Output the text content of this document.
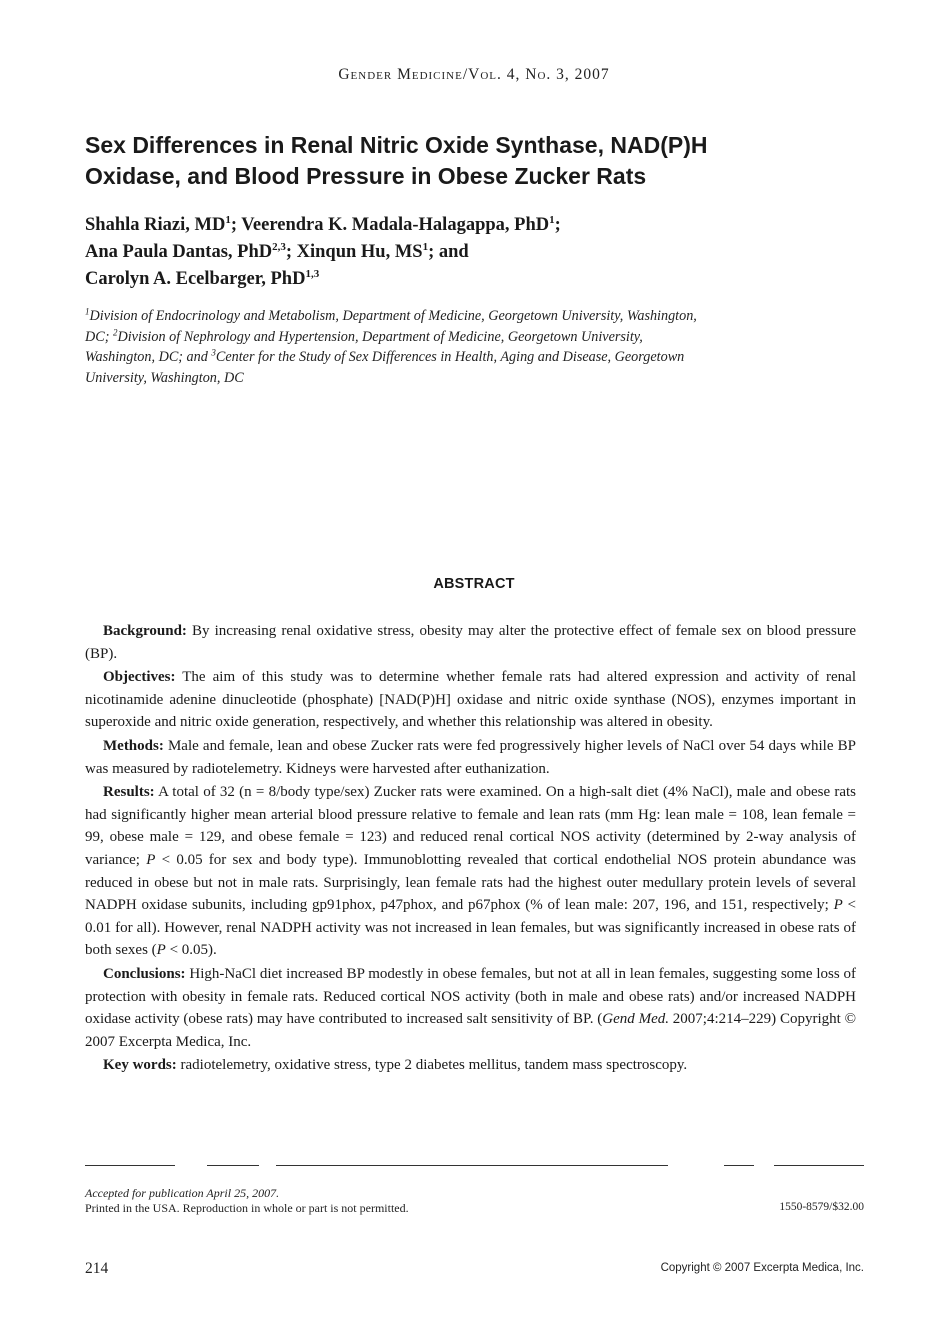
Gender Medicine/Vol. 4, No. 3, 2007
Sex Differences in Renal Nitric Oxide Synthase, NAD(P)H
Oxidase, and Blood Pressure in Obese Zucker Rats
Shahla Riazi, $MD^1$; Veerendra K. Madala-Halagappa, PhD$^1$;
Ana Paula Dantas, PhD$^{2,3}$; Xinqun Hu, $MS^1$; and
Carolyn A. Ecelbarger, PhD$^{1,3}$
$^1$Division of Endocrinology and Metabolism, Department of Medicine, Georgetown University, Washington,
DC; $^2$Division of Nephrology and Hypertension, Department of Medicine, Georgetown University,
Washington, DC; and $^3$Center for the Study of Sex Differences in Health, Aging and Disease, Georgetown
University, Washington, DC
ABSTRACT

Background: By increasing renal oxidative stress, obesity may alter the protective effect of female sex on blood pressure (BP).

Objectives: The aim of this study was to determine whether female rats had altered expression and activity of renal nicotinamide adenine dinucleotide (phosphate) [NAD(P)H] oxidase and nitric oxide synthase (NOS), enzymes important in superoxide and nitric oxide generation, respectively, and whether this relationship was altered in obesity.

Methods: Male and female, lean and obese Zucker rats were fed progressively higher levels of NaCl over 54 days while BP was measured by radiotelemetry. Kidneys were harvested after euthanization.

Results: A total of 32 (n = 8/body type/sex) Zucker rats were examined. On a high-salt diet (4% NaCl), male and obese rats had significantly higher mean arterial blood pressure relative to female and lean rats (mm Hg: lean male = 108, lean female = 99, obese male = 129, and obese female = 123) and reduced renal cortical NOS activity (determined by 2-way analysis of variance; P < 0.05 for sex and body type). Immunoblotting revealed that cortical endothelial NOS protein abundance was reduced in obese but not in male rats. Surprisingly, lean female rats had the highest outer medullary protein levels of several NADPH oxidase subunits, including gp91phox, p47phox, and p67phox (% of lean male: 207, 196, and 151, respectively; P < 0.01 for all). However, renal NADPH activity was not increased in lean females, but was significantly increased in obese rats of both sexes (P < 0.05).

Conclusions: High-NaCl diet increased BP modestly in obese females, but not at all in lean females, suggesting some loss of protection with obesity in female rats. Reduced cortical NOS activity (both in male and obese rats) and/or increased NADPH oxidase activity (obese rats) may have contributed to increased salt sensitivity of BP. (Gend Med. 2007;4:214–229) Copyright © 2007 Excerpta Medica, Inc.

Key words: radiotelemetry, oxidative stress, type 2 diabetes mellitus, tandem mass spectroscopy.

Accepted for publication April 25, 2007.
Printed in the USA. Reproduction in whole or part is not permitted.	1550-8579/$32.00
214	Copyright © 2007 Excerpta Medica, Inc.
